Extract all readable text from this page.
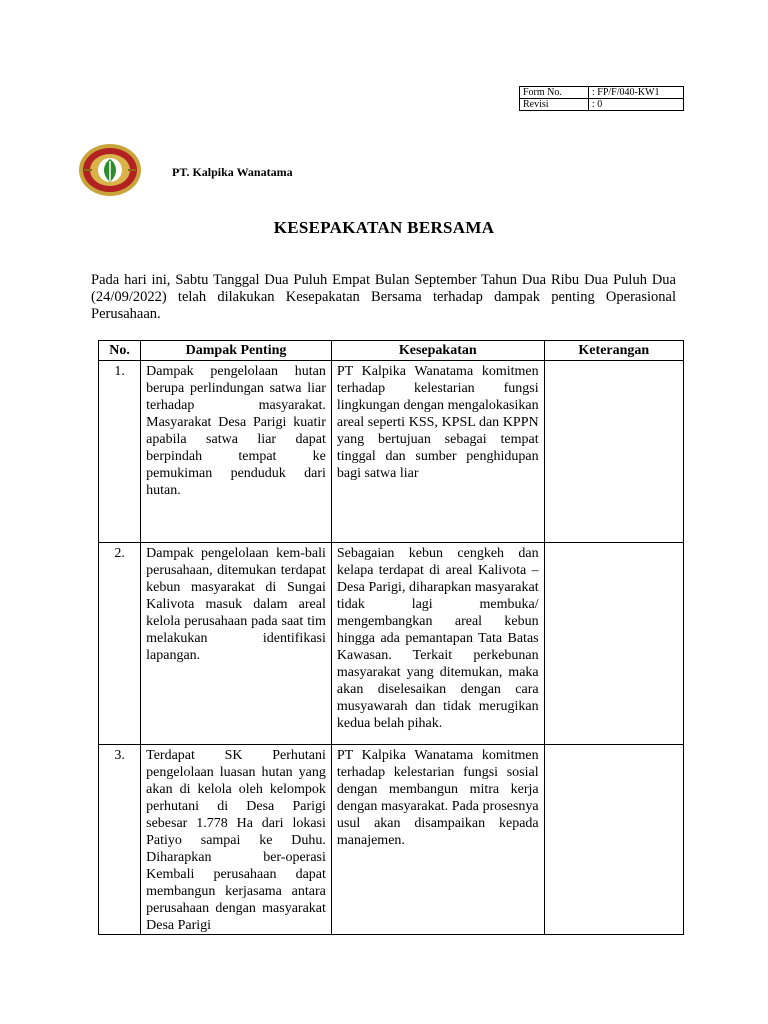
Form No.	: FP/F/040-KW1
Revisi	: 0
PT. Kalpika Wanatama
KESEPAKATAN BERSAMA

Pada hari ini, Sabtu Tanggal Dua Puluh Empat Bulan September Tahun Dua Ribu Dua Puluh Dua (24/09/2022) telah dilakukan Kesepakatan Bersama terhadap dampak penting Operasional Perusahaan.

No.	Dampak Penting	Kesepakatan	Keterangan
1.	Dampak pengelolaan hutan berupa perlindungan satwa liar terhadap masyarakat. Masyarakat Desa Parigi kuatir apabila satwa liar dapat berpindah tempat ke pemukiman penduduk dari hutan.	PT Kalpika Wanatama komitmen terhadap kelestarian fungsi lingkungan dengan mengalokasikan areal seperti KSS, KPSL dan KPPN yang bertujuan sebagai tempat tinggal dan sumber penghidupan bagi satwa liar	
2.	Dampak pengelolaan kem-bali perusahaan, ditemukan terdapat kebun masyarakat di Sungai Kalivota masuk dalam areal kelola perusahaan pada saat tim melakukan identifikasi lapangan.	Sebagaian kebun cengkeh dan kelapa terdapat di areal Kalivota – Desa Parigi, diharapkan masyarakat tidak lagi membuka/ mengembangkan areal kebun hingga ada pemantapan Tata Batas Kawasan. Terkait perkebunan masyarakat yang ditemukan, maka akan diselesaikan dengan cara musyawarah dan tidak merugikan kedua belah pihak.	
3.	Terdapat SK Perhutani pengelolaan luasan hutan yang akan di kelola oleh kelompok perhutani di Desa Parigi sebesar 1.778 Ha dari lokasi Patiyo sampai ke Duhu. Diharapkan ber-operasi Kembali perusahaan dapat membangun kerjasama antara perusahaan dengan masyarakat Desa Parigi	PT Kalpika Wanatama komitmen terhadap kelestarian fungsi sosial dengan membangun mitra kerja dengan masyarakat. Pada prosesnya usul akan disampaikan kepada manajemen.	
